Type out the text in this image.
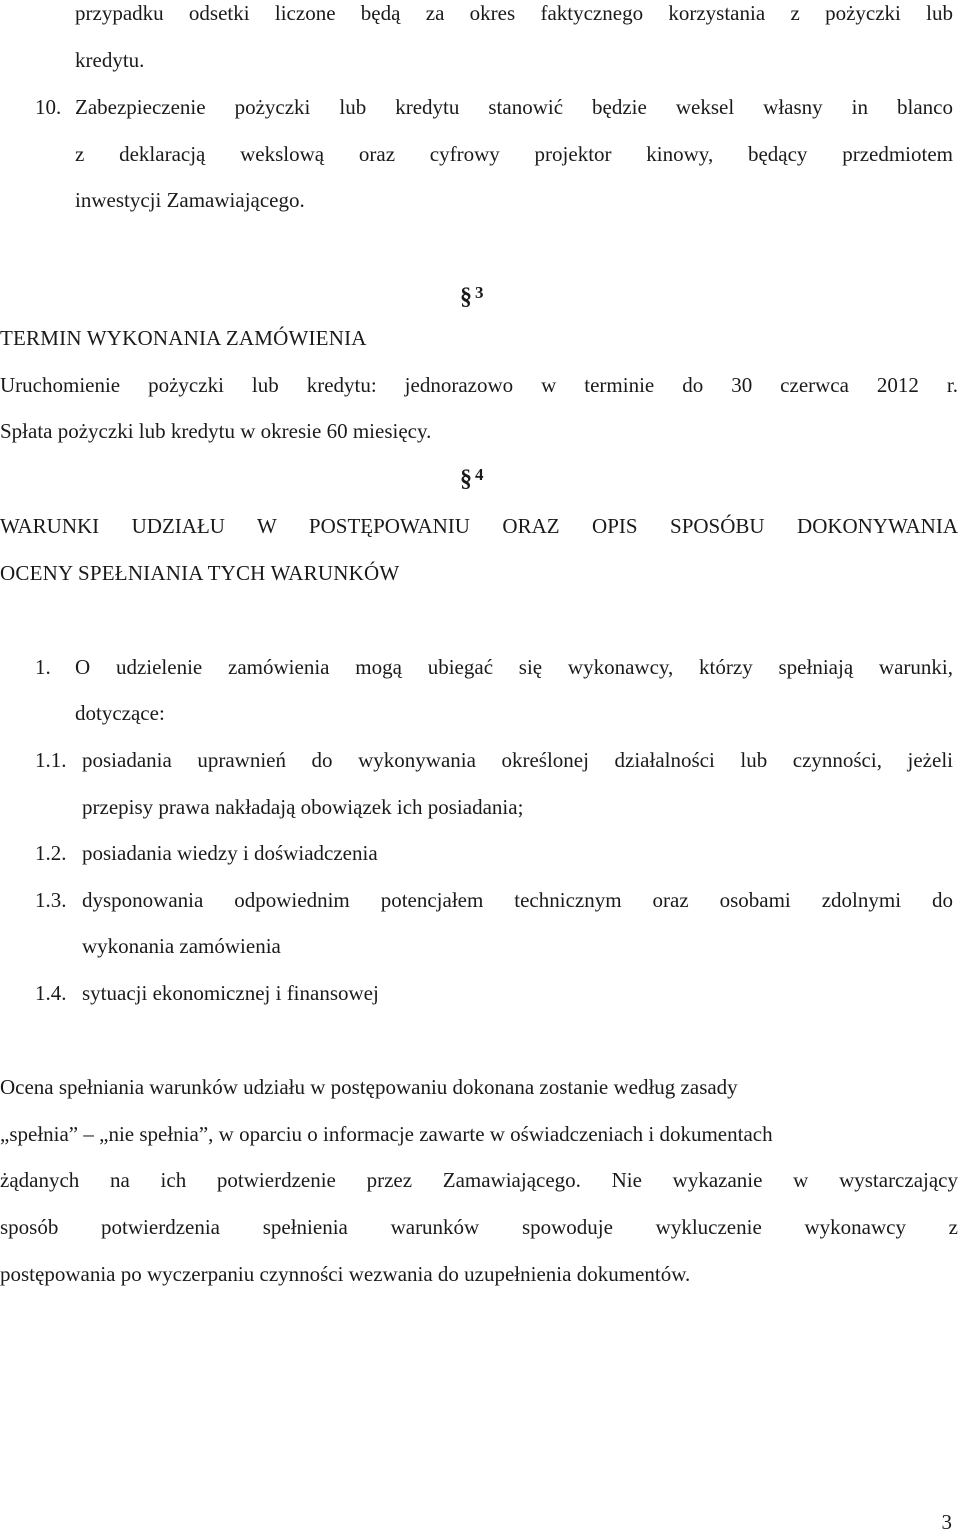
przypadku odsetki liczone będą za okres faktycznego korzystania z pożyczki lub
kredytu.
10. Zabezpieczenie pożyczki lub kredytu stanowić będzie weksel własny in blanco
z deklaracją wekslową oraz cyfrowy projektor kinowy, będący przedmiotem
inwestycji Zamawiającego.
§ $^3$
TERMIN WYKONANIA ZAMÓWIENIA
Uruchomienie pożyczki lub kredytu: jednorazowo w terminie do 30 czerwca 2012 r.
Spłata pożyczki lub kredytu w okresie 60 miesięcy.
§ $^4$
WARUNKI UDZIAŁU W POSTĘPOWANIU ORAZ OPIS SPOSÓBU DOKONYWANIA
OCENY SPEŁNIANIA TYCH WARUNKÓW
1. O udzielenie zamówienia mogą ubiegać się wykonawcy, którzy spełniają warunki,
dotyczące:
1.1. posiadania uprawnień do wykonywania określonej działalności lub czynności, jeżeli
przepisy prawa nakładają obowiązek ich posiadania;
1.2. posiadania wiedzy i doświadczenia
1.3. dysponowania odpowiednim potencjałem technicznym oraz osobami zdolnymi do
wykonania zamówienia
1.4. sytuacji ekonomicznej i finansowej
Ocena spełniania warunków udziału w postępowaniu dokonana zostanie według zasady
„spełnia” – „nie spełnia”, w oparciu o informacje zawarte w oświadczeniach i dokumentach
żądanych na ich potwierdzenie przez Zamawiającego. Nie wykazanie w wystarczający
sposób potwierdzenia spełnienia warunków spowoduje wykluczenie wykonawcy z
postępowania po wyczerpaniu czynności wezwania do uzupełnienia dokumentów.
3
